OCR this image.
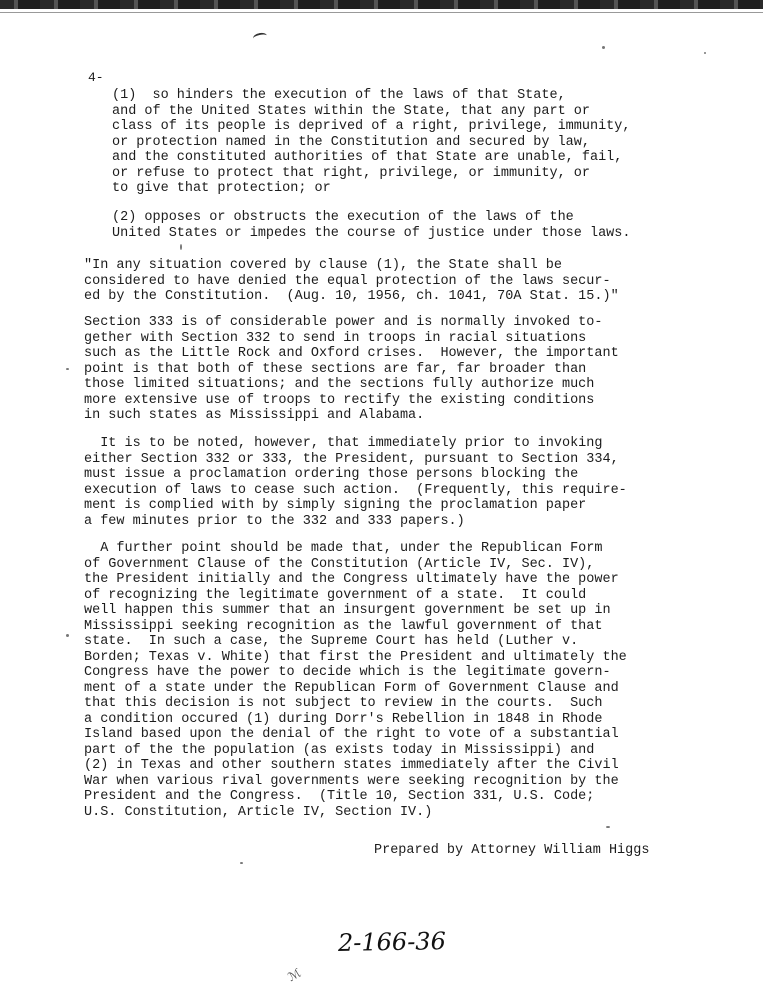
4-

(1)  so hinders the execution of the laws of that State,
and of the United States within the State, that any part or
class of its people is deprived of a right, privilege, immunity,
or protection named in the Constitution and secured by law,
and the constituted authorities of that State are unable, fail,
or refuse to protect that right, privilege, or immunity, or
to give that protection; or

(2) opposes or obstructs the execution of the laws of the
United States or impedes the course of justice under those laws.

"In any situation covered by clause (1), the State shall be
considered to have denied the equal protection of the laws secur-
ed by the Constitution.  (Aug. 10, 1956, ch. 1041, 70A Stat. 15.)"

Section 333 is of considerable power and is normally invoked to-
gether with Section 332 to send in troops in racial situations
such as the Little Rock and Oxford crises.  However, the important
point is that both of these sections are far, far broader than
those limited situations; and the sections fully authorize much
more extensive use of troops to rectify the existing conditions
in such states as Mississippi and Alabama.

It is to be noted, however, that immediately prior to invoking
either Section 332 or 333, the President, pursuant to Section 334,
must issue a proclamation ordering those persons blocking the
execution of laws to cease such action.  (Frequently, this require-
ment is complied with by simply signing the proclamation paper
a few minutes prior to the 332 and 333 papers.)

A further point should be made that, under the Republican Form
of Government Clause of the Constitution (Article IV, Sec. IV),
the President initially and the Congress ultimately have the power
of recognizing the legitimate government of a state.  It could
well happen this summer that an insurgent government be set up in
Mississippi seeking recognition as the lawful government of that
state.  In such a case, the Supreme Court has held (Luther v.
Borden; Texas v. White) that first the President and ultimately the
Congress have the power to decide which is the legitimate govern-
ment of a state under the Republican Form of Government Clause and
that this decision is not subject to review in the courts.  Such
a condition occured (1) during Dorr's Rebellion in 1848 in Rhode
Island based upon the denial of the right to vote of a substantial
part of the the population (as exists today in Mississippi) and
(2) in Texas and other southern states immediately after the Civil
War when various rival governments were seeking recognition by the
President and the Congress.  (Title 10, Section 331, U.S. Code;
U.S. Constitution, Article IV, Section IV.)

Prepared by Attorney William Higgs
2-166-36
ℳ
